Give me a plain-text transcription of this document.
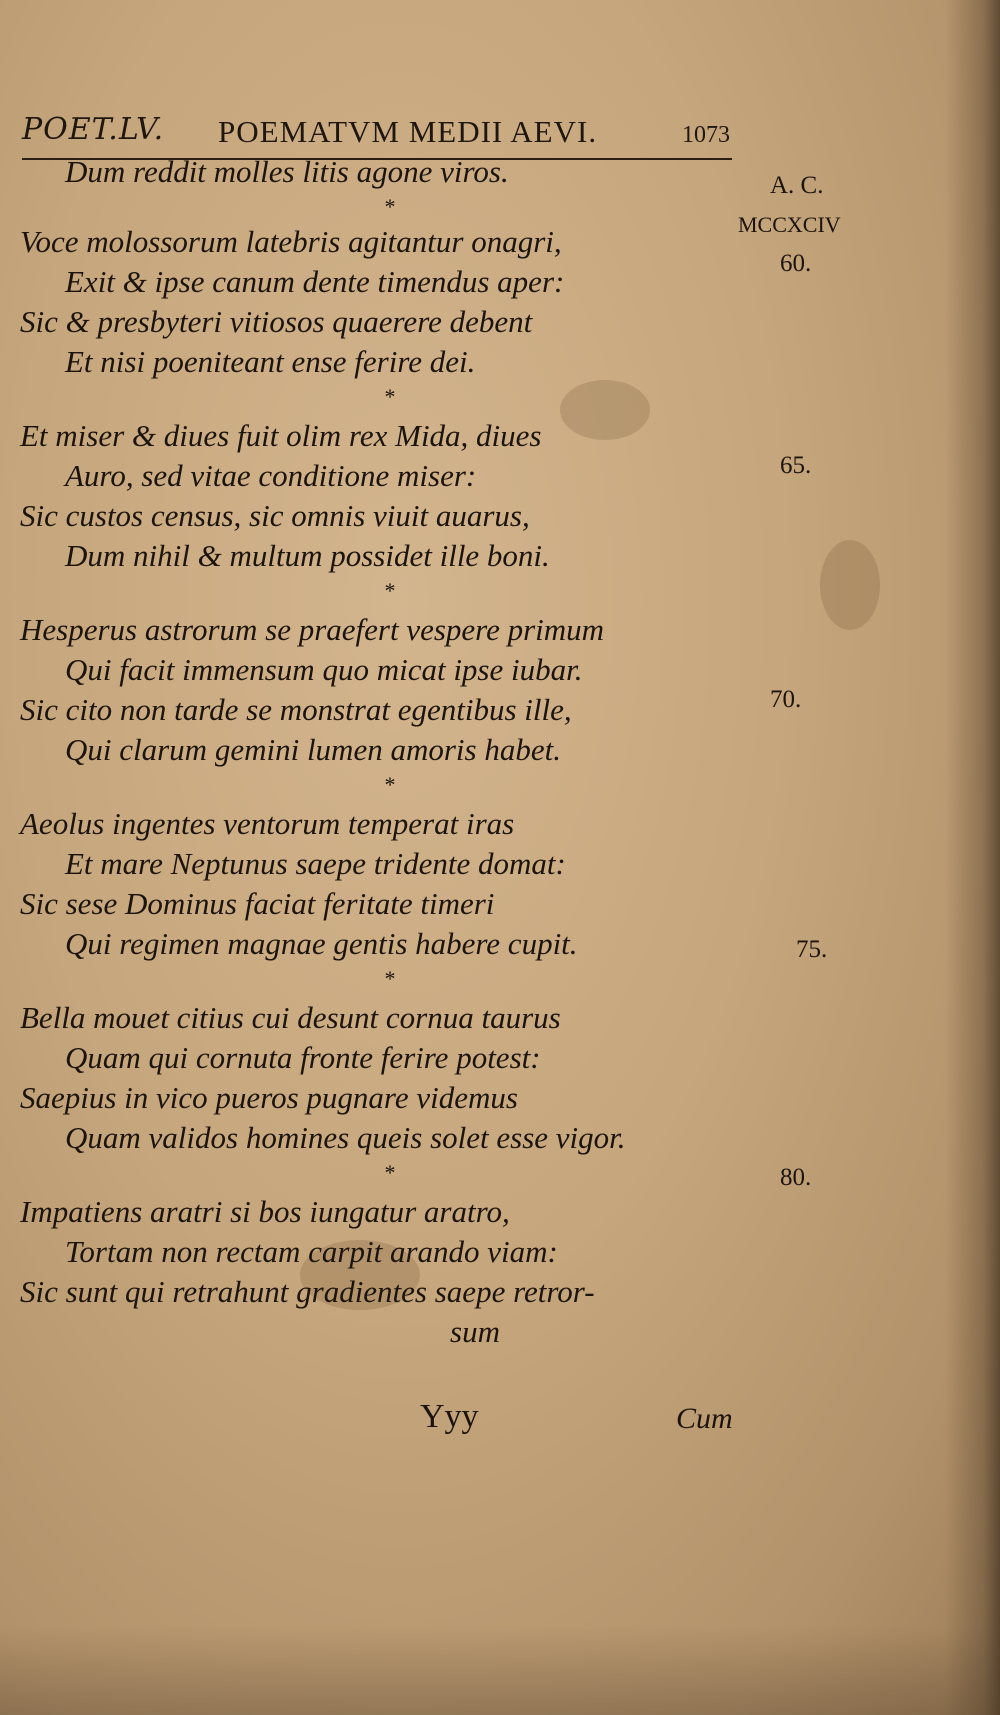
POET.LV. POEMATVM MEDII AEVI.	1073
Dum reddit molles litis agone viros.
*
Voce molossorum latebris agitantur onagri,
Exit & ipse canum dente timendus aper:
Sic & presbyteri vitiosos quaerere debent
Et nisi poeniteant ense ferire dei.
*
Et miser & diues fuit olim rex Mida, diues
Auro, sed vitae conditione miser:
Sic custos census, sic omnis viuit auarus,
Dum nihil & multum possidet ille boni.
*
Hesperus astrorum se praefert vespere primum
Qui facit immensum quo micat ipse iubar.
Sic cito non tarde se monstrat egentibus ille,
Qui clarum gemini lumen amoris habet.
*
Aeolus ingentes ventorum temperat iras
Et mare Neptunus saepe tridente domat:
Sic sese Dominus faciat feritate timeri
Qui regimen magnae gentis habere cupit.
*
Bella mouet citius cui desunt cornua taurus
Quam qui cornuta fronte ferire potest:
Saepius in vico pueros pugnare videmus
Quam validos homines queis solet esse vigor.
*
Impatiens aratri si bos iungatur aratro,
Tortam non rectam carpit arando viam:
Sic sunt qui retrahunt gradientes saepe retror-
sum
A. C.
MCCXCIV
60.
65.
70.
75.
80.
Yyy	Cum
